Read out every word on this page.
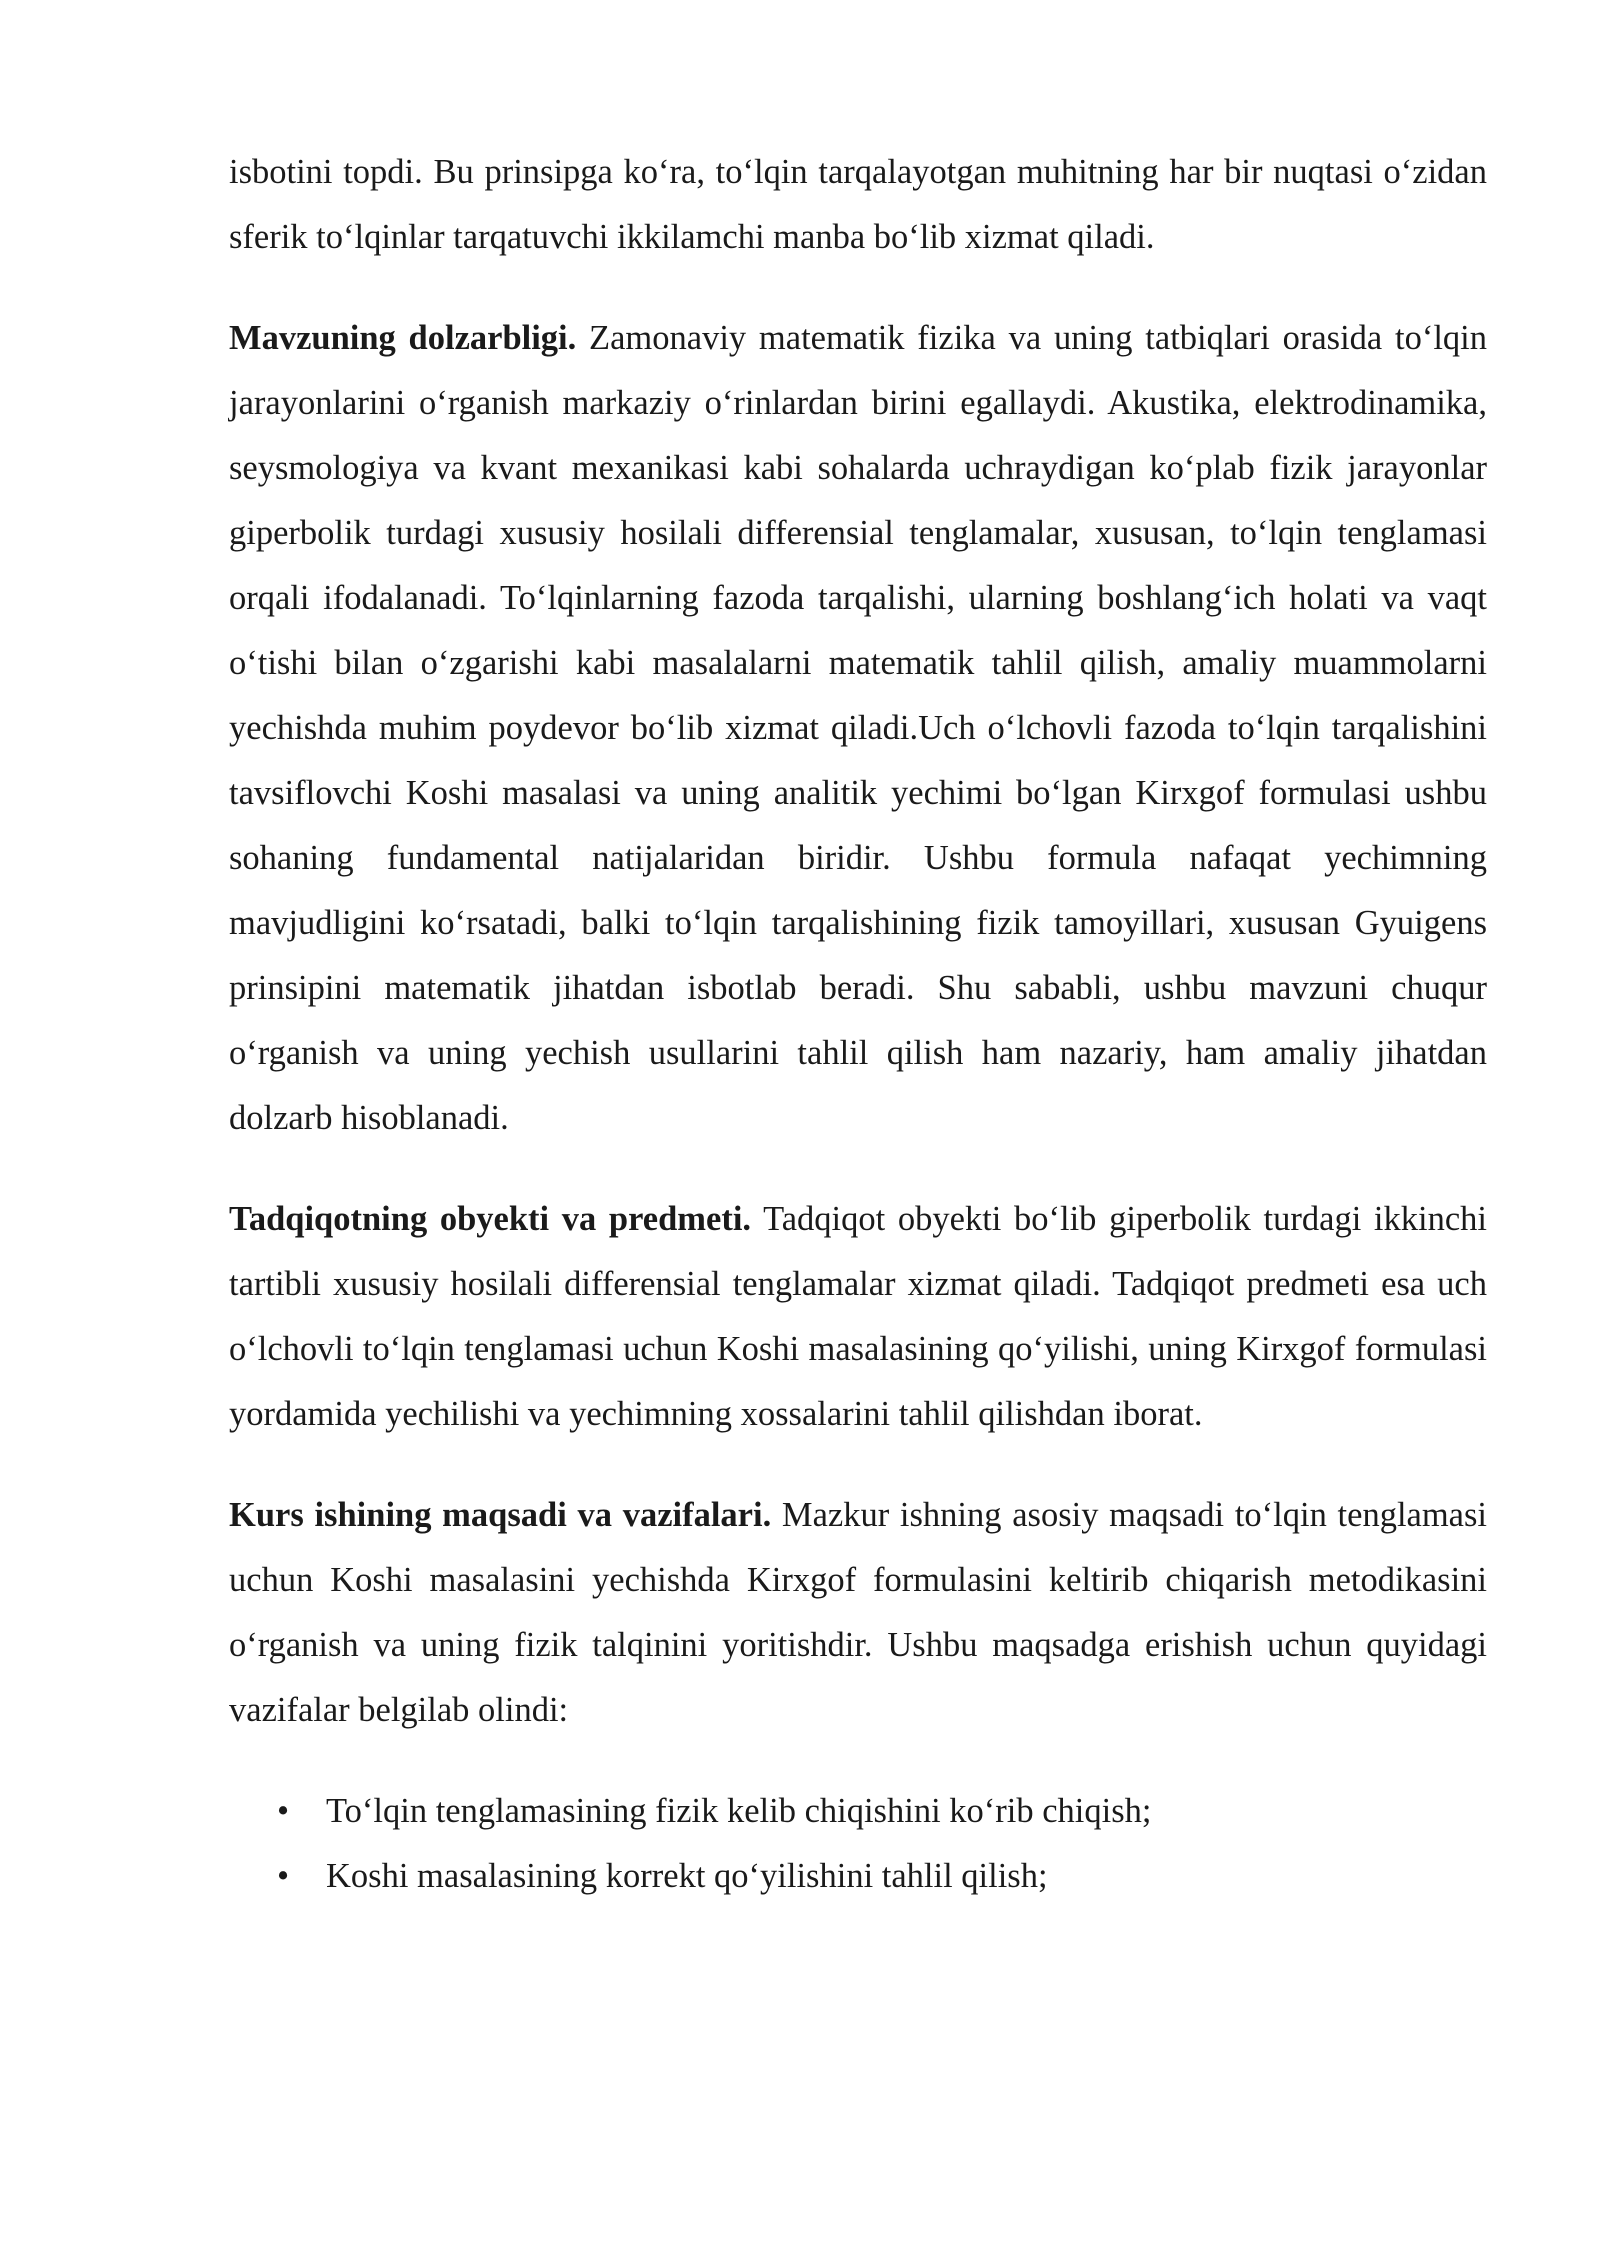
isbotini topdi. Bu prinsipga koʻra, toʻlqin tarqalayotgan muhitning har bir nuqtasi oʻzidan sferik toʻlqinlar tarqatuvchi ikkilamchi manba boʻlib xizmat qiladi.

Mavzuning dolzarbligi. Zamonaviy matematik fizika va uning tatbiqlari orasida toʻlqin jarayonlarini oʻrganish markaziy oʻrinlardan birini egallaydi. Akustika, elektrodinamika, seysmologiya va kvant mexanikasi kabi sohalarda uchraydigan koʻplab fizik jarayonlar giperbolik turdagi xususiy hosilali differensial tenglamalar, xususan, toʻlqin tenglamasi orqali ifodalanadi. Toʻlqinlarning fazoda tarqalishi, ularning boshlangʻich holati va vaqt oʻtishi bilan oʻzgarishi kabi masalalarni matematik tahlil qilish, amaliy muammolarni yechishda muhim poydevor boʻlib xizmat qiladi.Uch oʻlchovli fazoda toʻlqin tarqalishini tavsiflovchi Koshi masalasi va uning analitik yechimi boʻlgan Kirxgof formulasi ushbu sohaning fundamental natijalaridan biridir. Ushbu formula nafaqat yechimning mavjudligini koʻrsatadi, balki toʻlqin tarqalishining fizik tamoyillari, xususan Gyuigens prinsipini matematik jihatdan isbotlab beradi. Shu sababli, ushbu mavzuni chuqur oʻrganish va uning yechish usullarini tahlil qilish ham nazariy, ham amaliy jihatdan dolzarb hisoblanadi.

Tadqiqotning obyekti va predmeti. Tadqiqot obyekti boʻlib giperbolik turdagi ikkinchi tartibli xususiy hosilali differensial tenglamalar xizmat qiladi. Tadqiqot predmeti esa uch oʻlchovli toʻlqin tenglamasi uchun Koshi masalasining qoʻyilishi, uning Kirxgof formulasi yordamida yechilishi va yechimning xossalarini tahlil qilishdan iborat.

Kurs ishining maqsadi va vazifalari. Mazkur ishning asosiy maqsadi toʻlqin tenglamasi uchun Koshi masalasini yechishda Kirxgof formulasini keltirib chiqarish metodikasini oʻrganish va uning fizik talqinini yoritishdir. Ushbu maqsadga erishish uchun quyidagi vazifalar belgilab olindi:

• Toʻlqin tenglamasining fizik kelib chiqishini koʻrib chiqish;
• Koshi masalasining korrekt qoʻyilishini tahlil qilish;
